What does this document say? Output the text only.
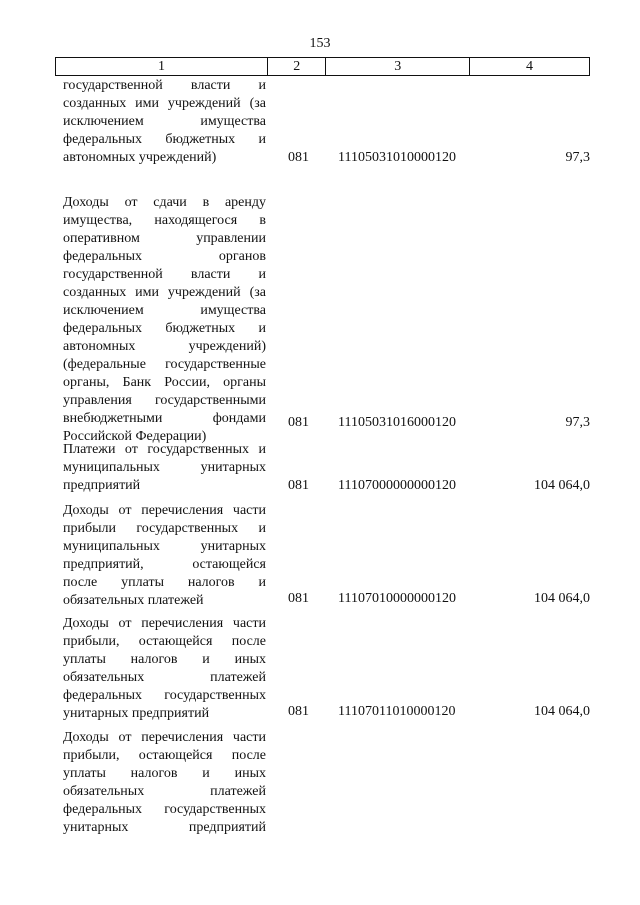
153
1	2	3	4
государственной власти и
созданных ими учреждений (за
исключением имущества
федеральных бюджетных и
автономных учреждений)	081	11105031010000120	97,3
Доходы от сдачи в аренду
имущества, находящегося в
оперативном управлении
федеральных органов
государственной власти и
созданных ими учреждений (за
исключением имущества
федеральных бюджетных и
автономных учреждений)
(федеральные государственные
органы, Банк России, органы
управления государственными
внебюджетными фондами
Российской Федерации)
081	11105031016000120	97,3
Платежи от государственных и
муниципальных унитарных
предприятий	081	11107000000000120	104 064,0
Доходы от перечисления части
прибыли государственных и
муниципальных унитарных
предприятий, остающейся
после уплаты налогов и
обязательных платежей	081	11107010000000120	104 064,0
Доходы от перечисления части
прибыли, остающейся после
уплаты налогов и иных
обязательных платежей
федеральных государственных
унитарных предприятий	081	11107011010000120	104 064,0
Доходы от перечисления части
прибыли, остающейся после
уплаты налогов и иных
обязательных платежей
федеральных государственных
унитарных предприятий
